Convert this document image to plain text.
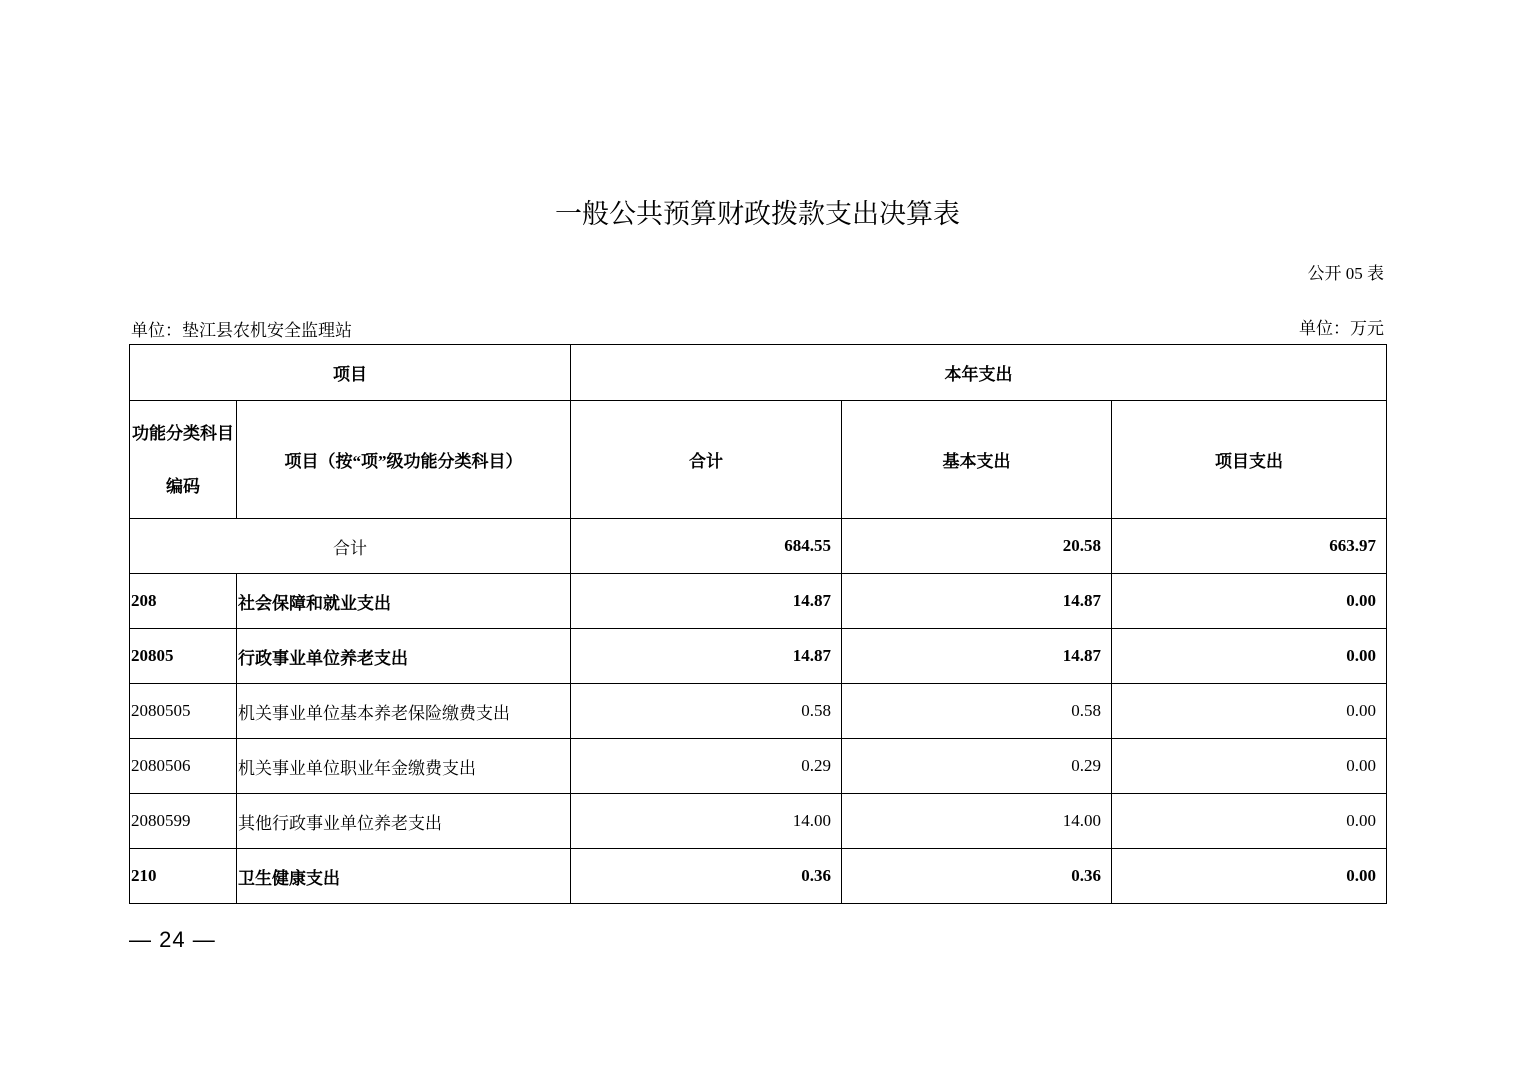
一般公共预算财政拨款支出决算表
公开 05 表
单位：垫江县农机安全监理站	单位：万元
项目		本年支出		
功能分类科目编码	项目（按“项”级功能分类科目）	合计	基本支出	项目支出
合计		684.55	20.58	663.97
208	社会保障和就业支出	14.87	14.87	0.00
20805	行政事业单位养老支出	14.87	14.87	0.00
2080505	机关事业单位基本养老保险缴费支出	0.58	0.58	0.00
2080506	机关事业单位职业年金缴费支出	0.29	0.29	0.00
2080599	其他行政事业单位养老支出	14.00	14.00	0.00
210	卫生健康支出	0.36	0.36	0.00
— 24 —
